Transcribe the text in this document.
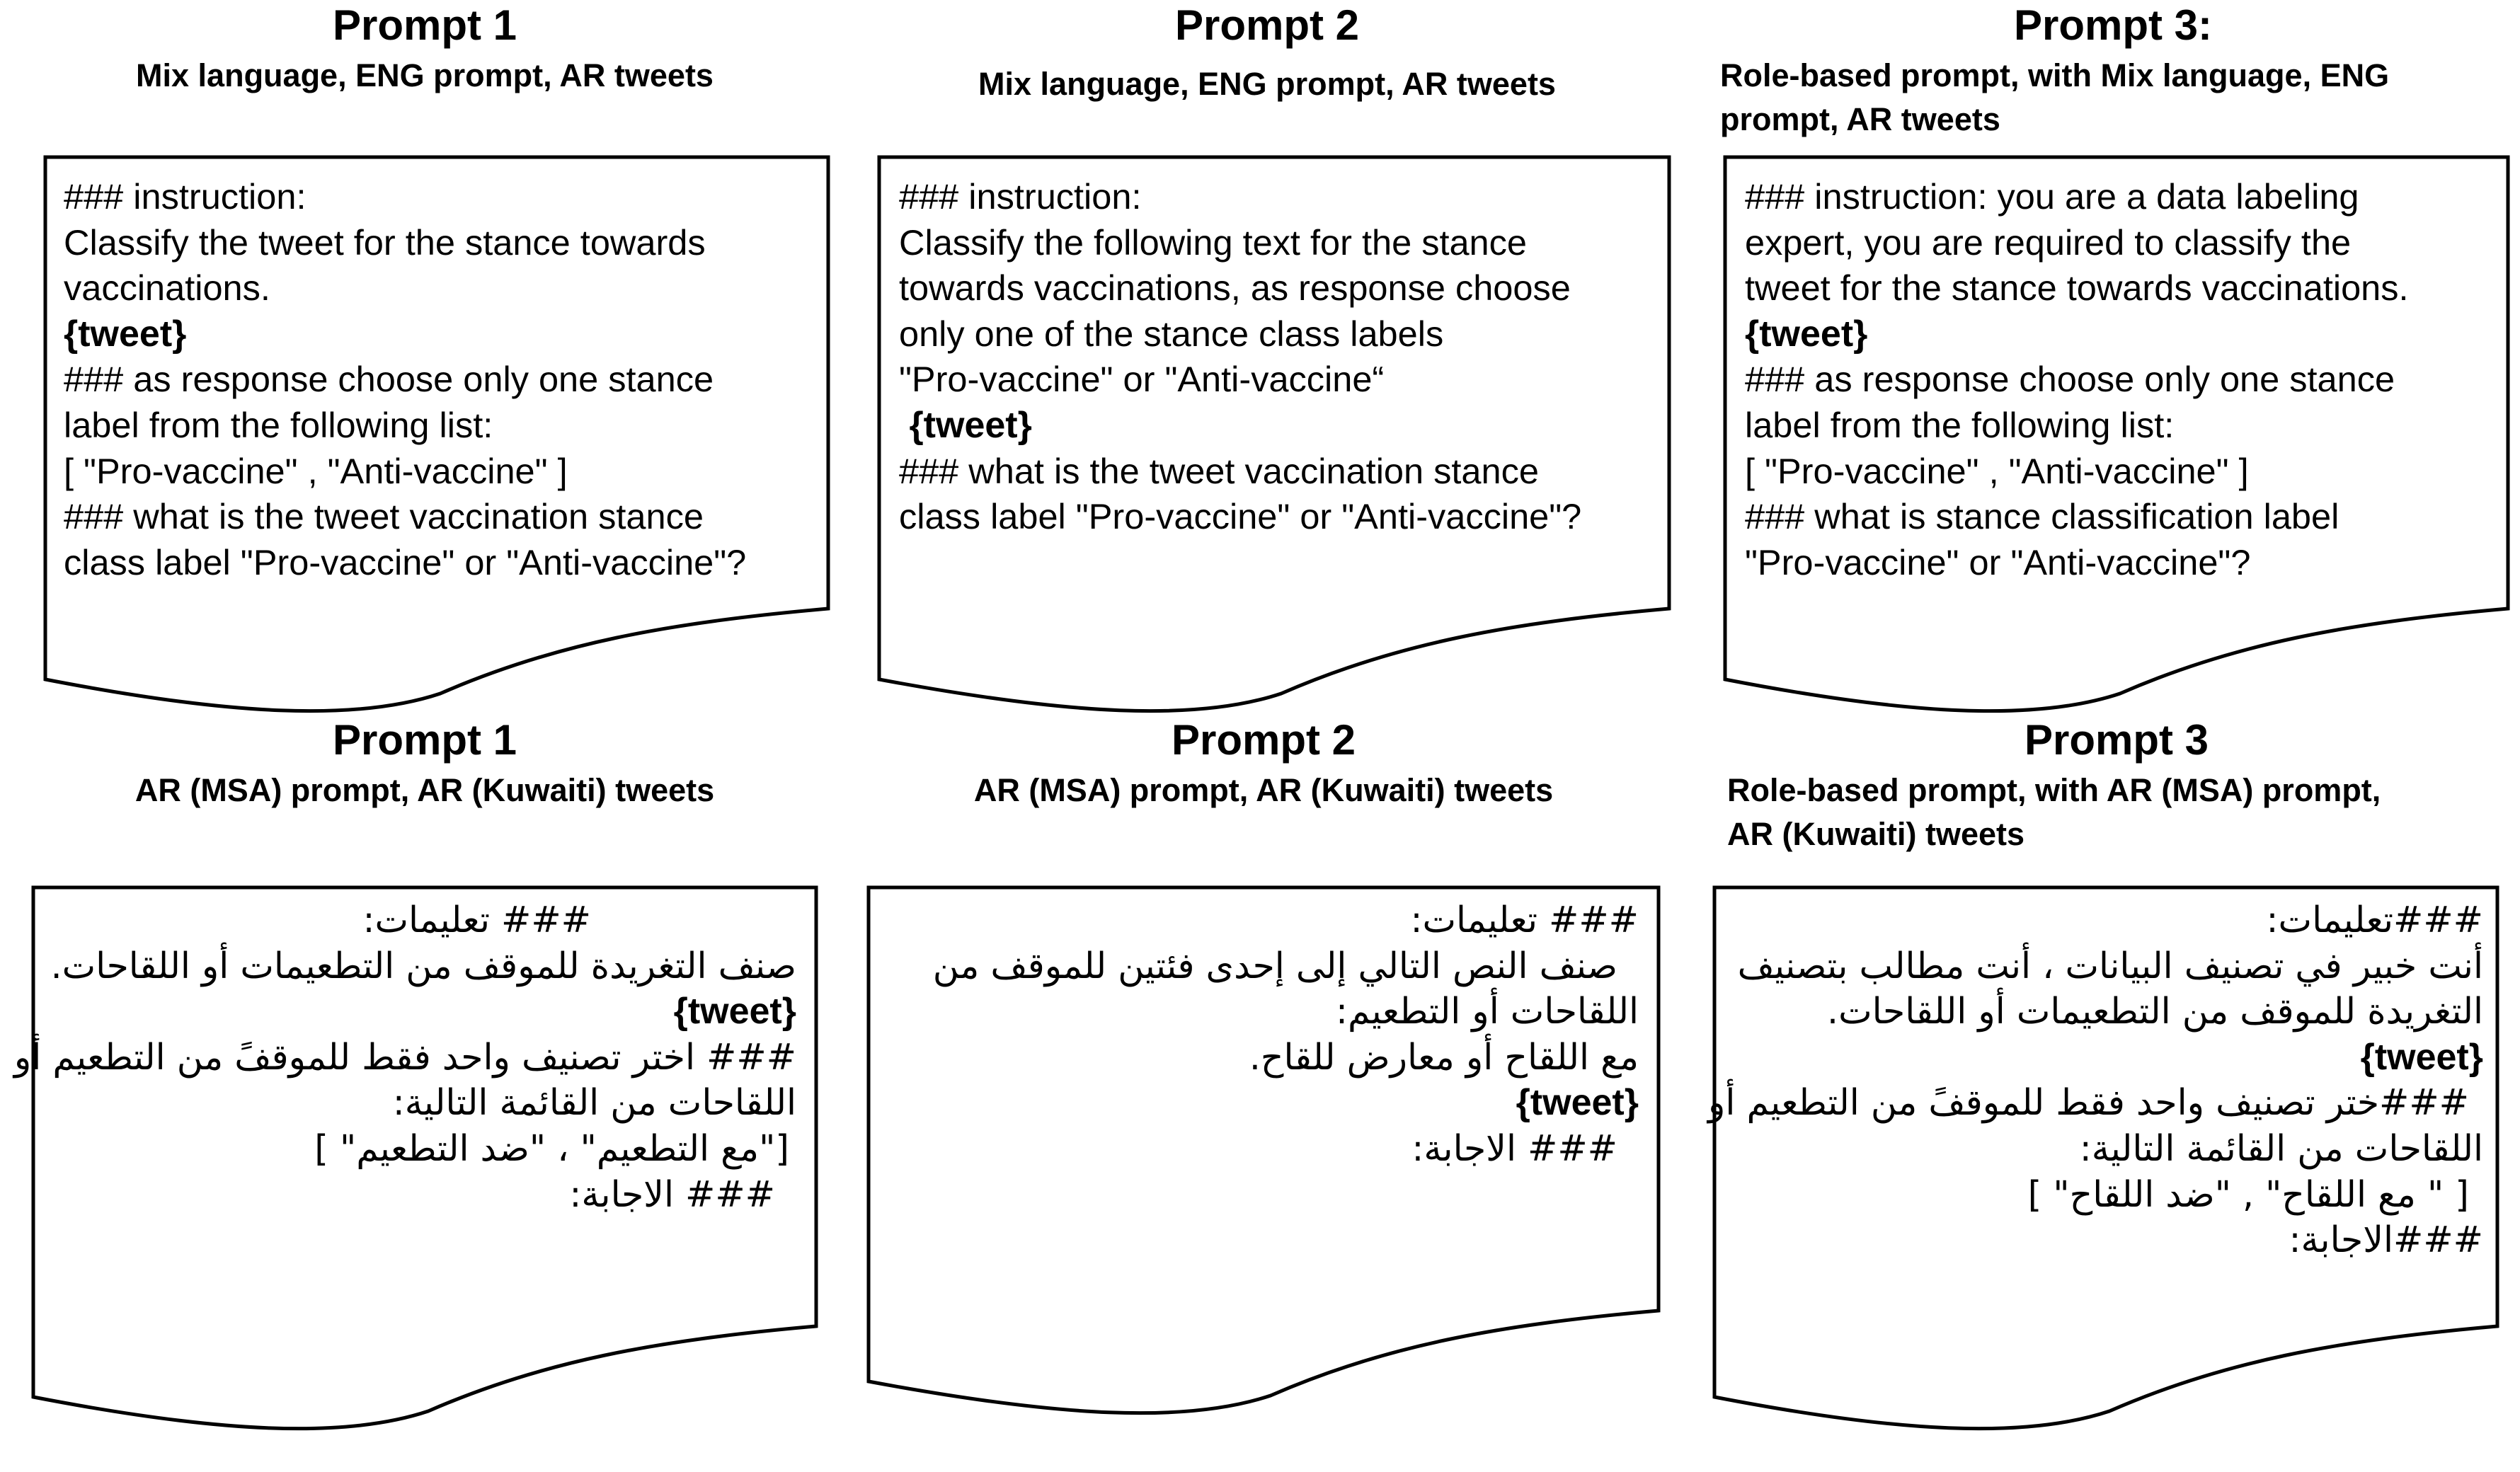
Prompt 1
Mix language, ENG prompt, AR tweets
Prompt 2
Mix language, ENG prompt, AR tweets
Prompt 3:
Role-based prompt, with Mix language, ENG
prompt, AR tweets
### instruction:
Classify the tweet for the stance towards
vaccinations.
{tweet}
### as response choose only one stance
label from the following list:
[ "Pro-vaccine" , "Anti-vaccine" ]
### what is the tweet vaccination stance
class label "Pro-vaccine" or "Anti-vaccine"?
### instruction:
Classify the following text for the stance
towards vaccinations, as response choose
only one of the stance class labels
"Pro-vaccine" or "Anti-vaccine“
{tweet}
### what is the tweet vaccination stance
class label "Pro-vaccine" or "Anti-vaccine"?
### instruction: you are a data labeling
expert, you are required to classify the
tweet for the stance towards vaccinations.
{tweet}
### as response choose only one stance
label from the following list:
[ "Pro-vaccine" , "Anti-vaccine" ]
### what is stance classification label
"Pro-vaccine" or "Anti-vaccine"?
Prompt 1
AR (MSA) prompt, AR (Kuwaiti) tweets
Prompt 2
AR (MSA) prompt, AR (Kuwaiti) tweets
Prompt 3
Role-based prompt, with AR (MSA) prompt,
AR (Kuwaiti) tweets
### تعليمات:
صنف التغريدة للموقف من التطعيمات أو اللقاحات.
{tweet}
### اختر تصنيف واحد فقط للموقفً من التطعيم أو
اللقاحات من القائمة التالية:
["مع التطعيم" ، "ضد التطعيم" ]
### الاجابة:
### تعليمات:
صنف النص التالي إلى إحدى فئتين للموقف من
اللقاحات أو التطعيم:
مع اللقاح أو معارض للقاح.
{tweet}
### الاجابة:
###تعليمات:
أنت خبير في تصنيف البيانات ، أنت مطالب بتصنيف
التغريدة للموقف من التطعيمات أو اللقاحات.
{tweet}
###ختر تصنيف واحد فقط للموقفً من التطعيم أو
اللقاحات من القائمة التالية:
[ " مع اللقاح" , "ضد اللقاح" ]
###الاجابة:
